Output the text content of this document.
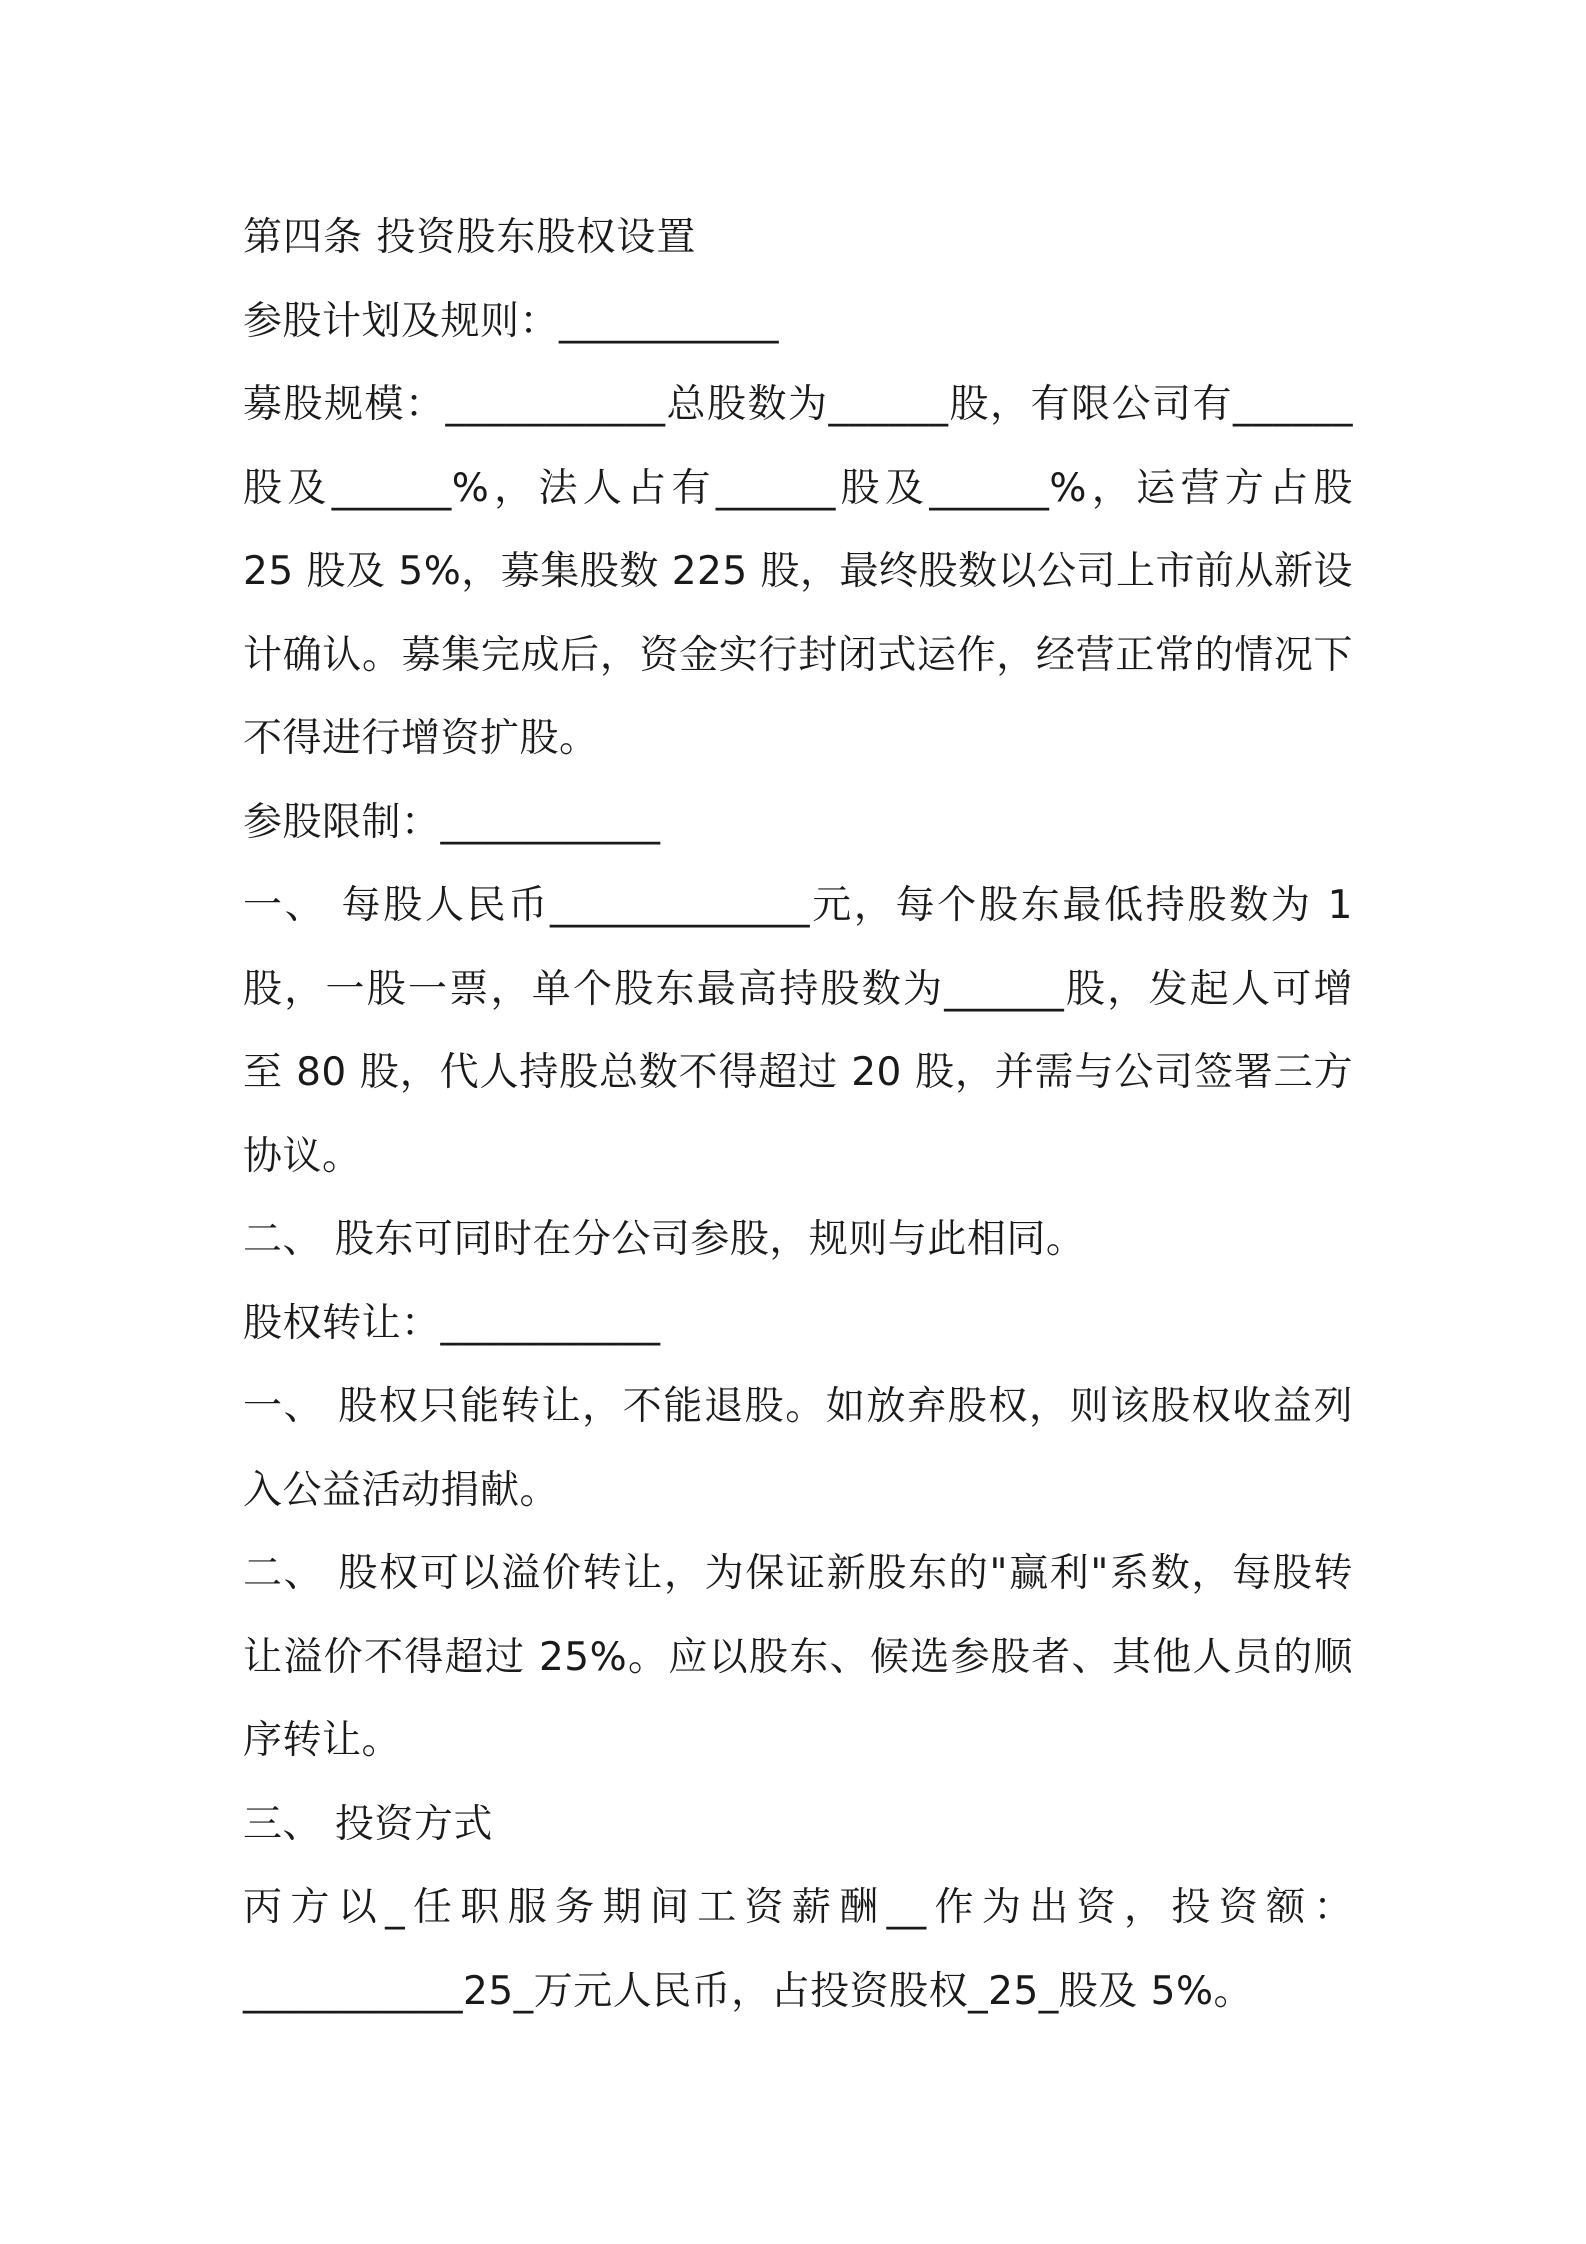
第四条 投资股东股权设置
参股计划及规则：___________
募股规模：___________总股数为______股，有限公司有______
股及______%，法人占有______股及______%，运营方占股
25 股及 5%，募集股数 225 股，最终股数以公司上市前从新设
计确认。募集完成后，资金实行封闭式运作，经营正常的情况下
不得进行增资扩股。
参股限制：___________
一、 每股人民币_____________元，每个股东最低持股数为 1
股，一股一票，单个股东最高持股数为______股，发起人可增
至 80 股，代人持股总数不得超过 20 股，并需与公司签署三方
协议。
二、 股东可同时在分公司参股，规则与此相同。
股权转让：___________
一、 股权只能转让，不能退股。如放弃股权，则该股权收益列
入公益活动捐献。
二、 股权可以溢价转让，为保证新股东的"赢利"系数，每股转
让溢价不得超过 25%。应以股东、候选参股者、其他人员的顺
序转让。
三、 投资方式
丙方以_任职服务期间工资薪酬__作为出资，投资额：
___________25_万元人民币，占投资股权_25_股及 5%。
